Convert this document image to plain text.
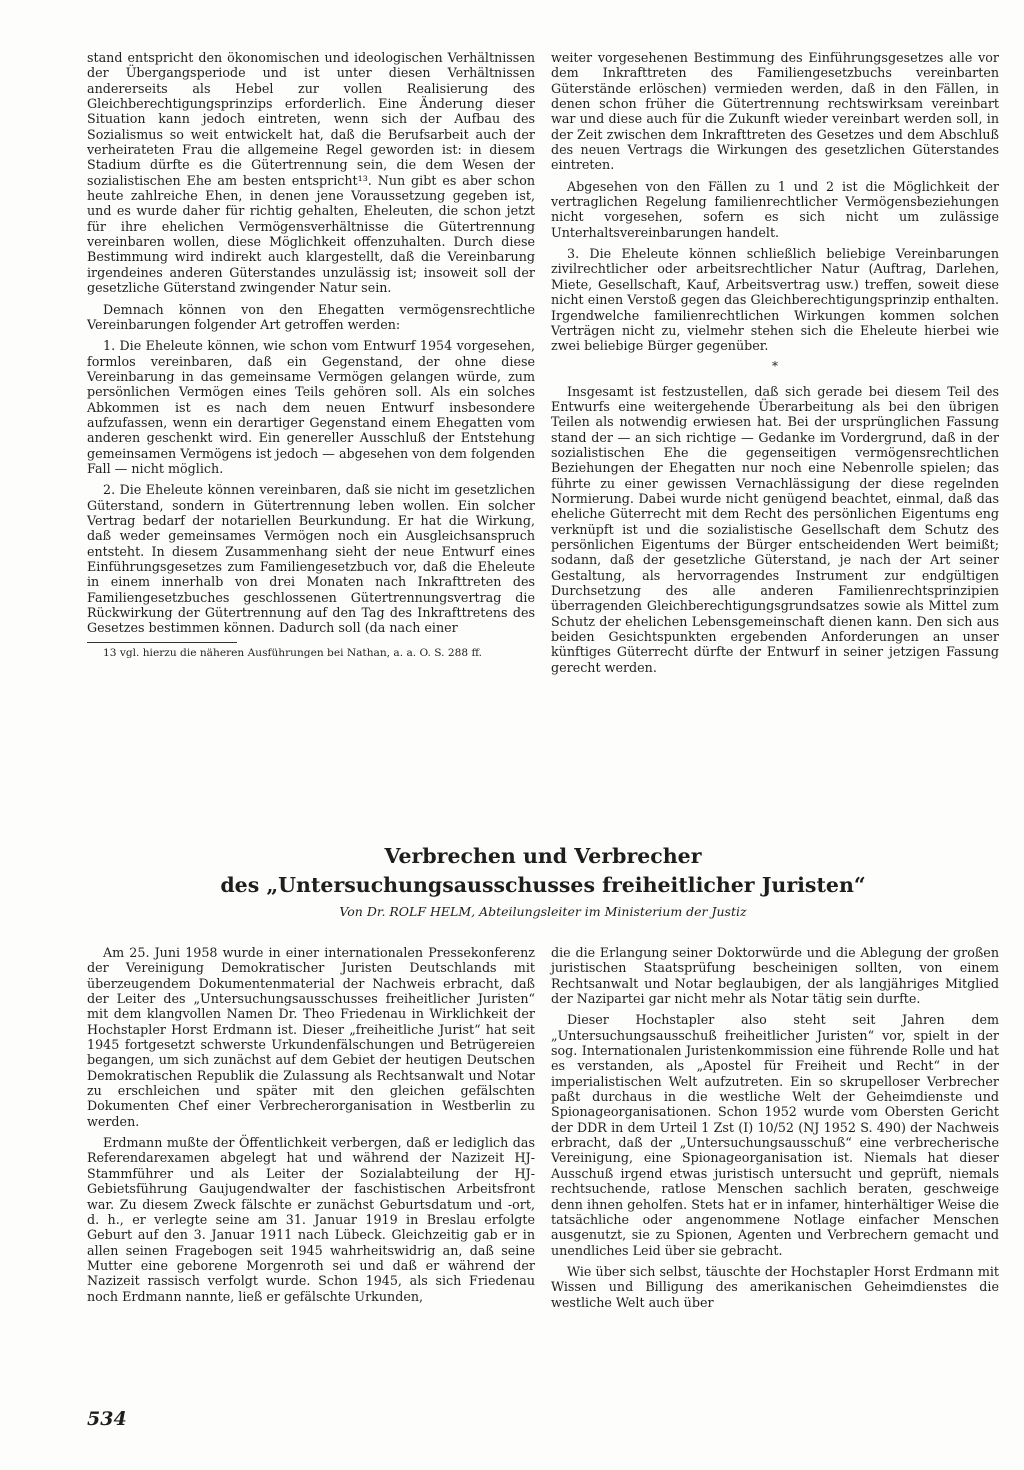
stand entspricht den ökonomischen und ideologischen Verhältnissen der Übergangsperiode und ist unter diesen Verhältnissen andererseits als Hebel zur vollen Realisierung des Gleichberechtigungsprinzips erforderlich. Eine Änderung dieser Situation kann jedoch eintreten, wenn sich der Aufbau des Sozialismus so weit entwickelt hat, daß die Berufsarbeit auch der verheirateten Frau die allgemeine Regel geworden ist: in diesem Stadium dürfte es die Gütertrennung sein, die dem Wesen der sozialistischen Ehe am besten entspricht¹³. Nun gibt es aber schon heute zahlreiche Ehen, in denen jene Voraussetzung gegeben ist, und es wurde daher für richtig gehalten, Eheleuten, die schon jetzt für ihre ehelichen Vermögensverhältnisse die Gütertrennung vereinbaren wollen, diese Möglichkeit offenzuhalten. Durch diese Bestimmung wird indirekt auch klargestellt, daß die Vereinbarung irgendeines anderen Güterstandes unzulässig ist; insoweit soll der gesetzliche Güterstand zwingender Natur sein.

Demnach können von den Ehegatten vermögensrechtliche Vereinbarungen folgender Art getroffen werden:

1. Die Eheleute können, wie schon vom Entwurf 1954 vorgesehen, formlos vereinbaren, daß ein Gegenstand, der ohne diese Vereinbarung in das gemeinsame Vermögen gelangen würde, zum persönlichen Vermögen eines Teils gehören soll. Als ein solches Abkommen ist es nach dem neuen Entwurf insbesondere aufzufassen, wenn ein derartiger Gegenstand einem Ehegatten vom anderen geschenkt wird. Ein genereller Ausschluß der Entstehung gemeinsamen Vermögens ist jedoch — abgesehen von dem folgenden Fall — nicht möglich.

2. Die Eheleute können vereinbaren, daß sie nicht im gesetzlichen Güterstand, sondern in Gütertrennung leben wollen. Ein solcher Vertrag bedarf der notariellen Beurkundung. Er hat die Wirkung, daß weder gemeinsames Vermögen noch ein Ausgleichsanspruch entsteht. In diesem Zusammenhang sieht der neue Entwurf eines Einführungsgesetzes zum Familiengesetzbuch vor, daß die Eheleute in einem innerhalb von drei Monaten nach Inkrafttreten des Familiengesetzbuches geschlossenen Gütertrennungsvertrag die Rückwirkung der Gütertrennung auf den Tag des Inkrafttretens des Gesetzes bestimmen können. Dadurch soll (da nach einer

13 vgl. hierzu die näheren Ausführungen bei Nathan, a. a. O. S. 288 ff.

weiter vorgesehenen Bestimmung des Einführungsgesetzes alle vor dem Inkrafttreten des Familiengesetzbuchs vereinbarten Güterstände erlöschen) vermieden werden, daß in den Fällen, in denen schon früher die Gütertrennung rechtswirksam vereinbart war und diese auch für die Zukunft wieder vereinbart werden soll, in der Zeit zwischen dem Inkrafttreten des Gesetzes und dem Abschluß des neuen Vertrags die Wirkungen des gesetzlichen Güterstandes eintreten.

Abgesehen von den Fällen zu 1 und 2 ist die Möglichkeit der vertraglichen Regelung familienrechtlicher Vermögensbeziehungen nicht vorgesehen, sofern es sich nicht um zulässige Unterhaltsvereinbarungen handelt.

3. Die Eheleute können schließlich beliebige Vereinbarungen zivilrechtlicher oder arbeitsrechtlicher Natur (Auftrag, Darlehen, Miete, Gesellschaft, Kauf, Arbeitsvertrag usw.) treffen, soweit diese nicht einen Verstoß gegen das Gleichberechtigungsprinzip enthalten. Irgendwelche familienrechtlichen Wirkungen kommen solchen Verträgen nicht zu, vielmehr stehen sich die Eheleute hierbei wie zwei beliebige Bürger gegenüber.

*

Insgesamt ist festzustellen, daß sich gerade bei diesem Teil des Entwurfs eine weitergehende Überarbeitung als bei den übrigen Teilen als notwendig erwiesen hat. Bei der ursprünglichen Fassung stand der — an sich richtige — Gedanke im Vordergrund, daß in der sozialistischen Ehe die gegenseitigen vermögensrechtlichen Beziehungen der Ehegatten nur noch eine Nebenrolle spielen; das führte zu einer gewissen Vernachlässigung der diese regelnden Normierung. Dabei wurde nicht genügend beachtet, einmal, daß das eheliche Güterrecht mit dem Recht des persönlichen Eigentums eng verknüpft ist und die sozialistische Gesellschaft dem Schutz des persönlichen Eigentums der Bürger entscheidenden Wert beimißt; sodann, daß der gesetzliche Güterstand, je nach der Art seiner Gestaltung, als hervorragendes Instrument zur endgültigen Durchsetzung des alle anderen Familienrechtsprinzipien überragenden Gleichberechtigungsgrundsatzes sowie als Mittel zum Schutz der ehelichen Lebensgemeinschaft dienen kann. Den sich aus beiden Gesichtspunkten ergebenden Anforderungen an unser künftiges Güterrecht dürfte der Entwurf in seiner jetzigen Fassung gerecht werden.

Verbrechen und Verbrecher
des „Untersuchungsausschusses freiheitlicher Juristen“
Von Dr. ROLF HELM, Abteilungsleiter im Ministerium der Justiz

Am 25. Juni 1958 wurde in einer internationalen Pressekonferenz der Vereinigung Demokratischer Juristen Deutschlands mit überzeugendem Dokumentenmaterial der Nachweis erbracht, daß der Leiter des „Untersuchungsausschusses freiheitlicher Juristen“ mit dem klangvollen Namen Dr. Theo Friedenau in Wirklichkeit der Hochstapler Horst Erdmann ist. Dieser „freiheitliche Jurist“ hat seit 1945 fortgesetzt schwerste Urkundenfälschungen und Betrügereien begangen, um sich zunächst auf dem Gebiet der heutigen Deutschen Demokratischen Republik die Zulassung als Rechtsanwalt und Notar zu erschleichen und später mit den gleichen gefälschten Dokumenten Chef einer Verbrecherorganisation in Westberlin zu werden.

Erdmann mußte der Öffentlichkeit verbergen, daß er lediglich das Referendarexamen abgelegt hat und während der Nazizeit HJ-Stammführer und als Leiter der Sozialabteilung der HJ-Gebietsführung Gaujugendwalter der faschistischen Arbeitsfront war. Zu diesem Zweck fälschte er zunächst Geburtsdatum und -ort, d. h., er verlegte seine am 31. Januar 1919 in Breslau erfolgte Geburt auf den 3. Januar 1911 nach Lübeck. Gleichzeitig gab er in allen seinen Fragebogen seit 1945 wahrheitswidrig an, daß seine Mutter eine geborene Morgenroth sei und daß er während der Nazizeit rassisch verfolgt wurde. Schon 1945, als sich Friedenau noch Erdmann nannte, ließ er gefälschte Urkunden,

die die Erlangung seiner Doktorwürde und die Ablegung der großen juristischen Staatsprüfung bescheinigen sollten, von einem Rechtsanwalt und Notar beglaubigen, der als langjähriges Mitglied der Nazipartei gar nicht mehr als Notar tätig sein durfte.

Dieser Hochstapler also steht seit Jahren dem „Untersuchungsausschuß freiheitlicher Juristen“ vor, spielt in der sog. Internationalen Juristenkommission eine führende Rolle und hat es verstanden, als „Apostel für Freiheit und Recht“ in der imperialistischen Welt aufzutreten. Ein so skrupelloser Verbrecher paßt durchaus in die westliche Welt der Geheimdienste und Spionageorganisationen. Schon 1952 wurde vom Obersten Gericht der DDR in dem Urteil 1 Zst (I) 10/52 (NJ 1952 S. 490) der Nachweis erbracht, daß der „Untersuchungsausschuß“ eine verbrecherische Vereinigung, eine Spionageorganisation ist. Niemals hat dieser Ausschuß irgend etwas juristisch untersucht und geprüft, niemals rechtsuchende, ratlose Menschen sachlich beraten, geschweige denn ihnen geholfen. Stets hat er in infamer, hinterhältiger Weise die tatsächliche oder angenommene Notlage einfacher Menschen ausgenutzt, sie zu Spionen, Agenten und Verbrechern gemacht und unendliches Leid über sie gebracht.

Wie über sich selbst, täuschte der Hochstapler Horst Erdmann mit Wissen und Billigung des amerikanischen Geheimdienstes die westliche Welt auch über

534
